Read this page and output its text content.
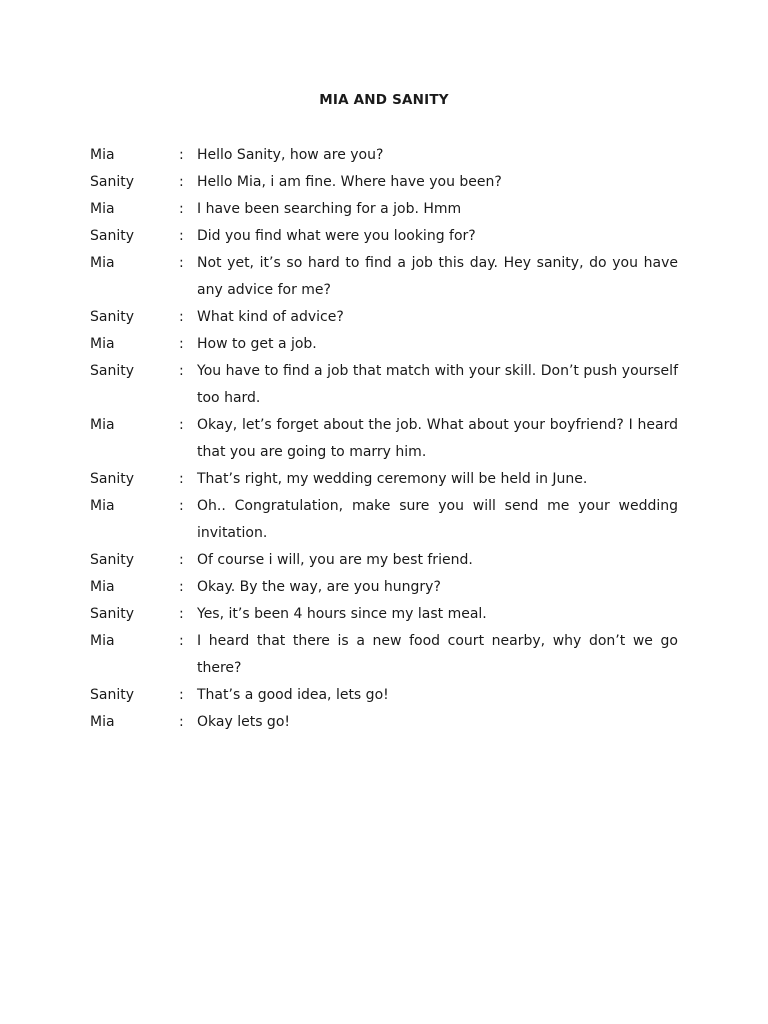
MIA AND SANITY
Mia	: Hello Sanity, how are you?
Sanity	: Hello Mia, i am fine. Where have you been?
Mia	: I have been searching for a job. Hmm
Sanity	: Did you find what were you looking for?
Mia	: Not yet, it’s so hard to find a job this day. Hey sanity, do you have any advice for me?
Sanity	: What kind of advice?
Mia	: How to get a job.
Sanity	: You have to find a job that match with your skill. Don’t push yourself too hard.
Mia	: Okay, let’s forget about the job. What about your boyfriend? I heard that you are going to marry him.
Sanity	: That’s right, my wedding ceremony will be held in June.
Mia	: Oh.. Congratulation, make sure you will send me your wedding invitation.
Sanity	: Of course i will, you are my best friend.
Mia	: Okay. By the way, are you hungry?
Sanity	: Yes, it’s been 4 hours since my last meal.
Mia	: I heard that there is a new food court nearby, why don’t we go there?
Sanity	: That’s a good idea, lets go!
Mia	: Okay lets go!
